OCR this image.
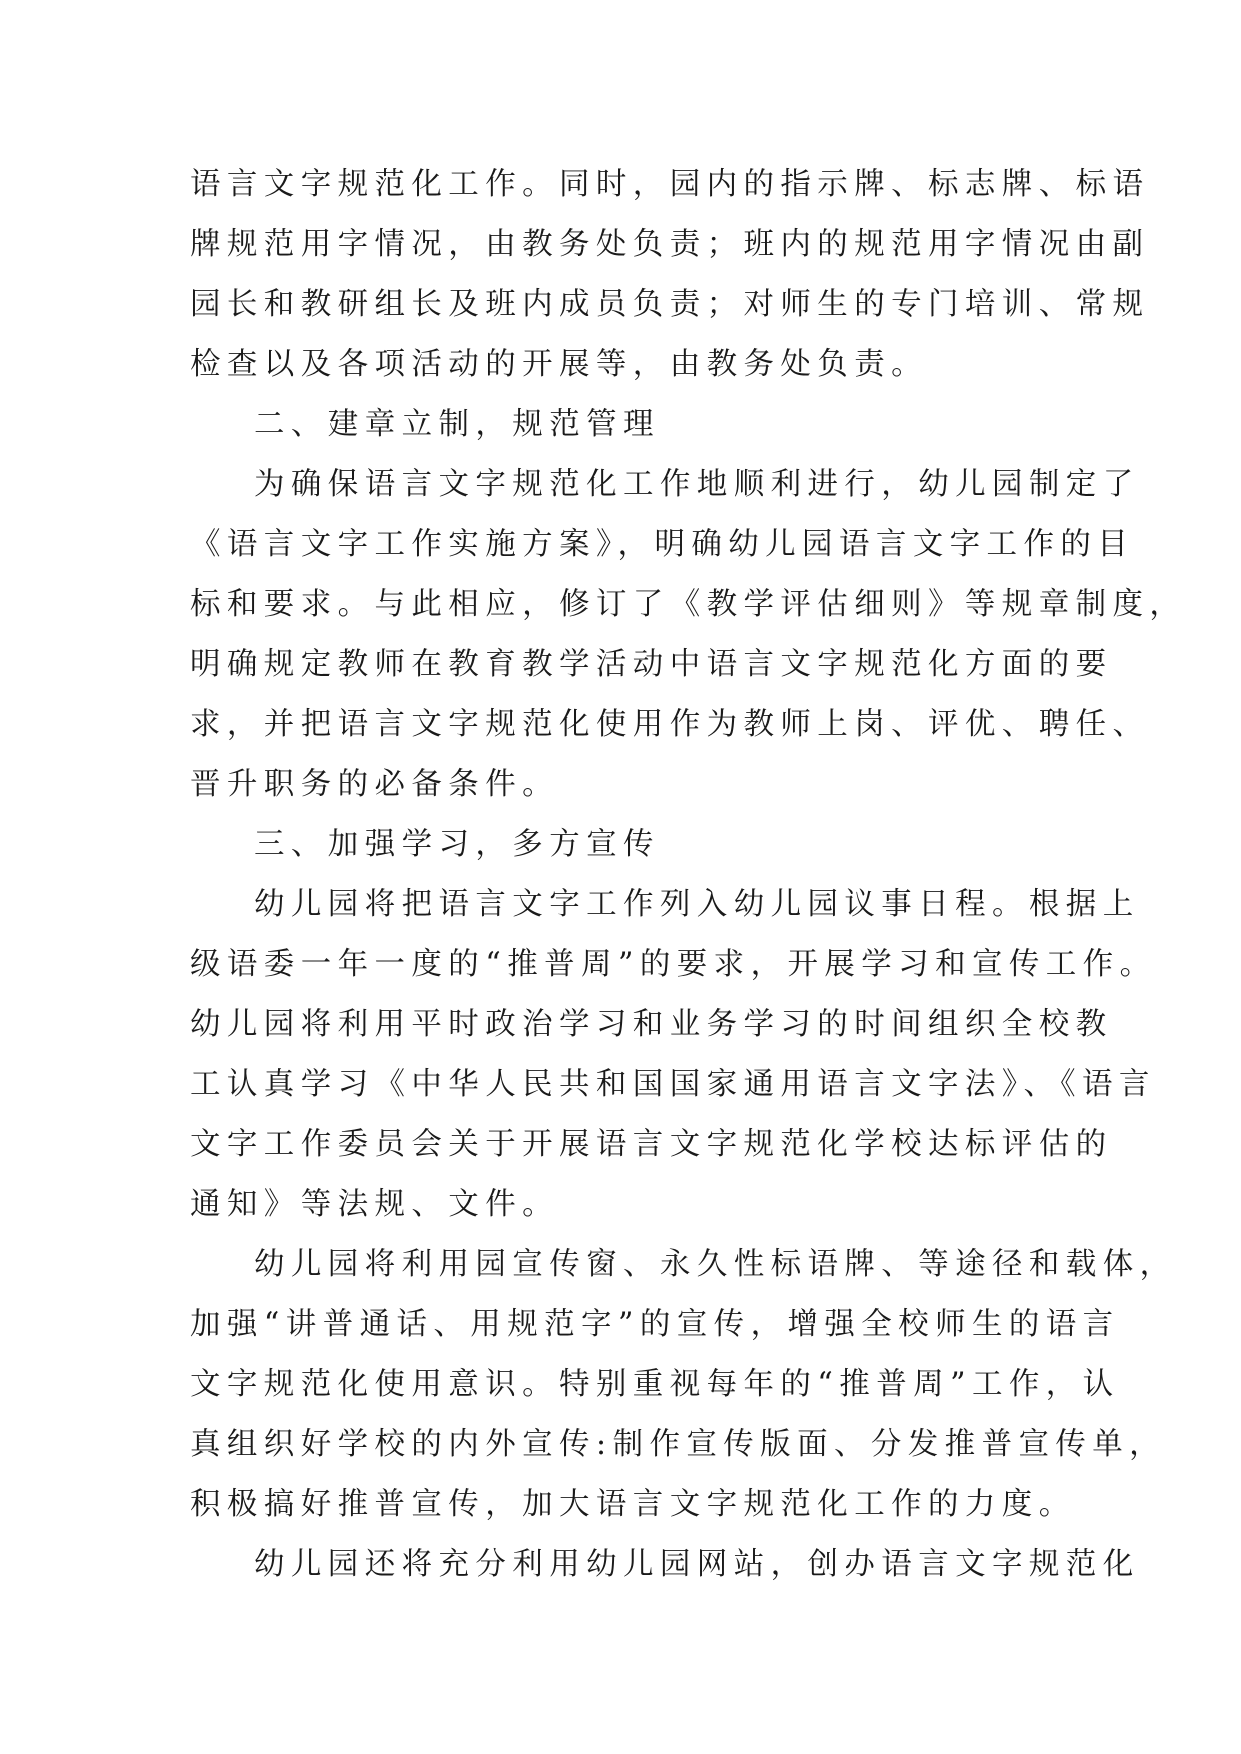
语言文字规范化工作。同时，园内的指示牌、标志牌、标语
牌规范用字情况，由教务处负责；班内的规范用字情况由副
园长和教研组长及班内成员负责；对师生的专门培训、常规
检查以及各项活动的开展等，由教务处负责。
二、建章立制，规范管理
为确保语言文字规范化工作地顺利进行，幼儿园制定了
《语言文字工作实施方案》，明确幼儿园语言文字工作的目
标和要求。与此相应，修订了《教学评估细则》等规章制度，
明确规定教师在教育教学活动中语言文字规范化方面的要
求，并把语言文字规范化使用作为教师上岗、评优、聘任、
晋升职务的必备条件。
三、加强学习，多方宣传
幼儿园将把语言文字工作列入幼儿园议事日程。根据上
级语委一年一度的“推普周”的要求，开展学习和宣传工作。
幼儿园将利用平时政治学习和业务学习的时间组织全校教
工认真学习《中华人民共和国国家通用语言文字法》、《语言
文字工作委员会关于开展语言文字规范化学校达标评估的
通知》等法规、文件。
幼儿园将利用园宣传窗、永久性标语牌、等途径和载体，
加强“讲普通话、用规范字”的宣传，增强全校师生的语言
文字规范化使用意识。特别重视每年的“推普周”工作，认
真组织好学校的内外宣传:制作宣传版面、分发推普宣传单，
积极搞好推普宣传，加大语言文字规范化工作的力度。
幼儿园还将充分利用幼儿园网站，创办语言文字规范化
